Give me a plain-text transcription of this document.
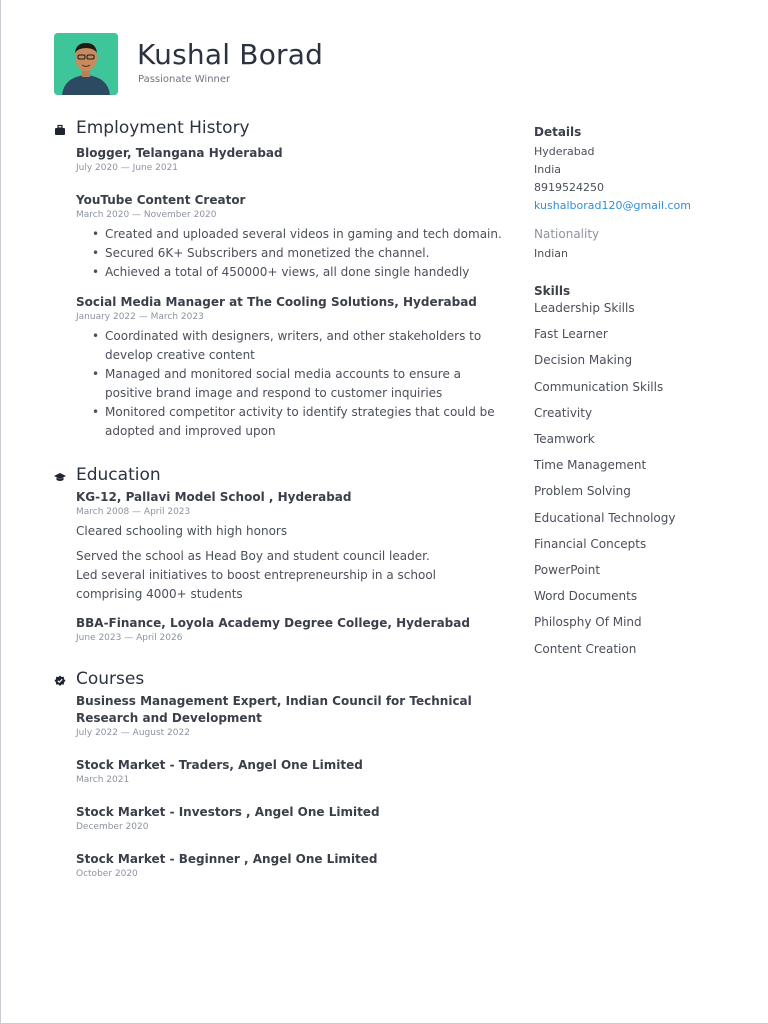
Kushal Borad
Passionate Winner
Employment History
Blogger, Telangana Hyderabad
July 2020 — June 2021
YouTube Content Creator
March 2020 — November 2020
• Created and uploaded several videos in gaming and tech domain.
• Secured 6K+ Subscribers and monetized the channel.
• Achieved a total of 450000+ views, all done single handedly
Social Media Manager at The Cooling Solutions, Hyderabad
January 2022 — March 2023
• Coordinated with designers, writers, and other stakeholders to develop creative content
• Managed and monitored social media accounts to ensure a positive brand image and respond to customer inquiries
• Monitored competitor activity to identify strategies that could be adopted and improved upon
Education
KG-12, Pallavi Model School , Hyderabad
March 2008 — April 2023
Cleared schooling with high honors
Served the school as Head Boy and student council leader.
Led several initiatives to boost entrepreneurship in a school comprising 4000+ students
BBA-Finance, Loyola Academy Degree College, Hyderabad
June 2023 — April 2026
Courses
Business Management Expert, Indian Council for Technical Research and Development
July 2022 — August 2022
Stock Market - Traders, Angel One Limited
March 2021
Stock Market - Investors , Angel One Limited
December 2020
Stock Market - Beginner , Angel One Limited
October 2020
Details
Hyderabad
India
8919524250
kushalborad120@gmail.com
Nationality
Indian
Skills
Leadership Skills
Fast Learner
Decision Making
Communication Skills
Creativity
Teamwork
Time Management
Problem Solving
Educational Technology
Financial Concepts
PowerPoint
Word Documents
Philosphy Of Mind
Content Creation
